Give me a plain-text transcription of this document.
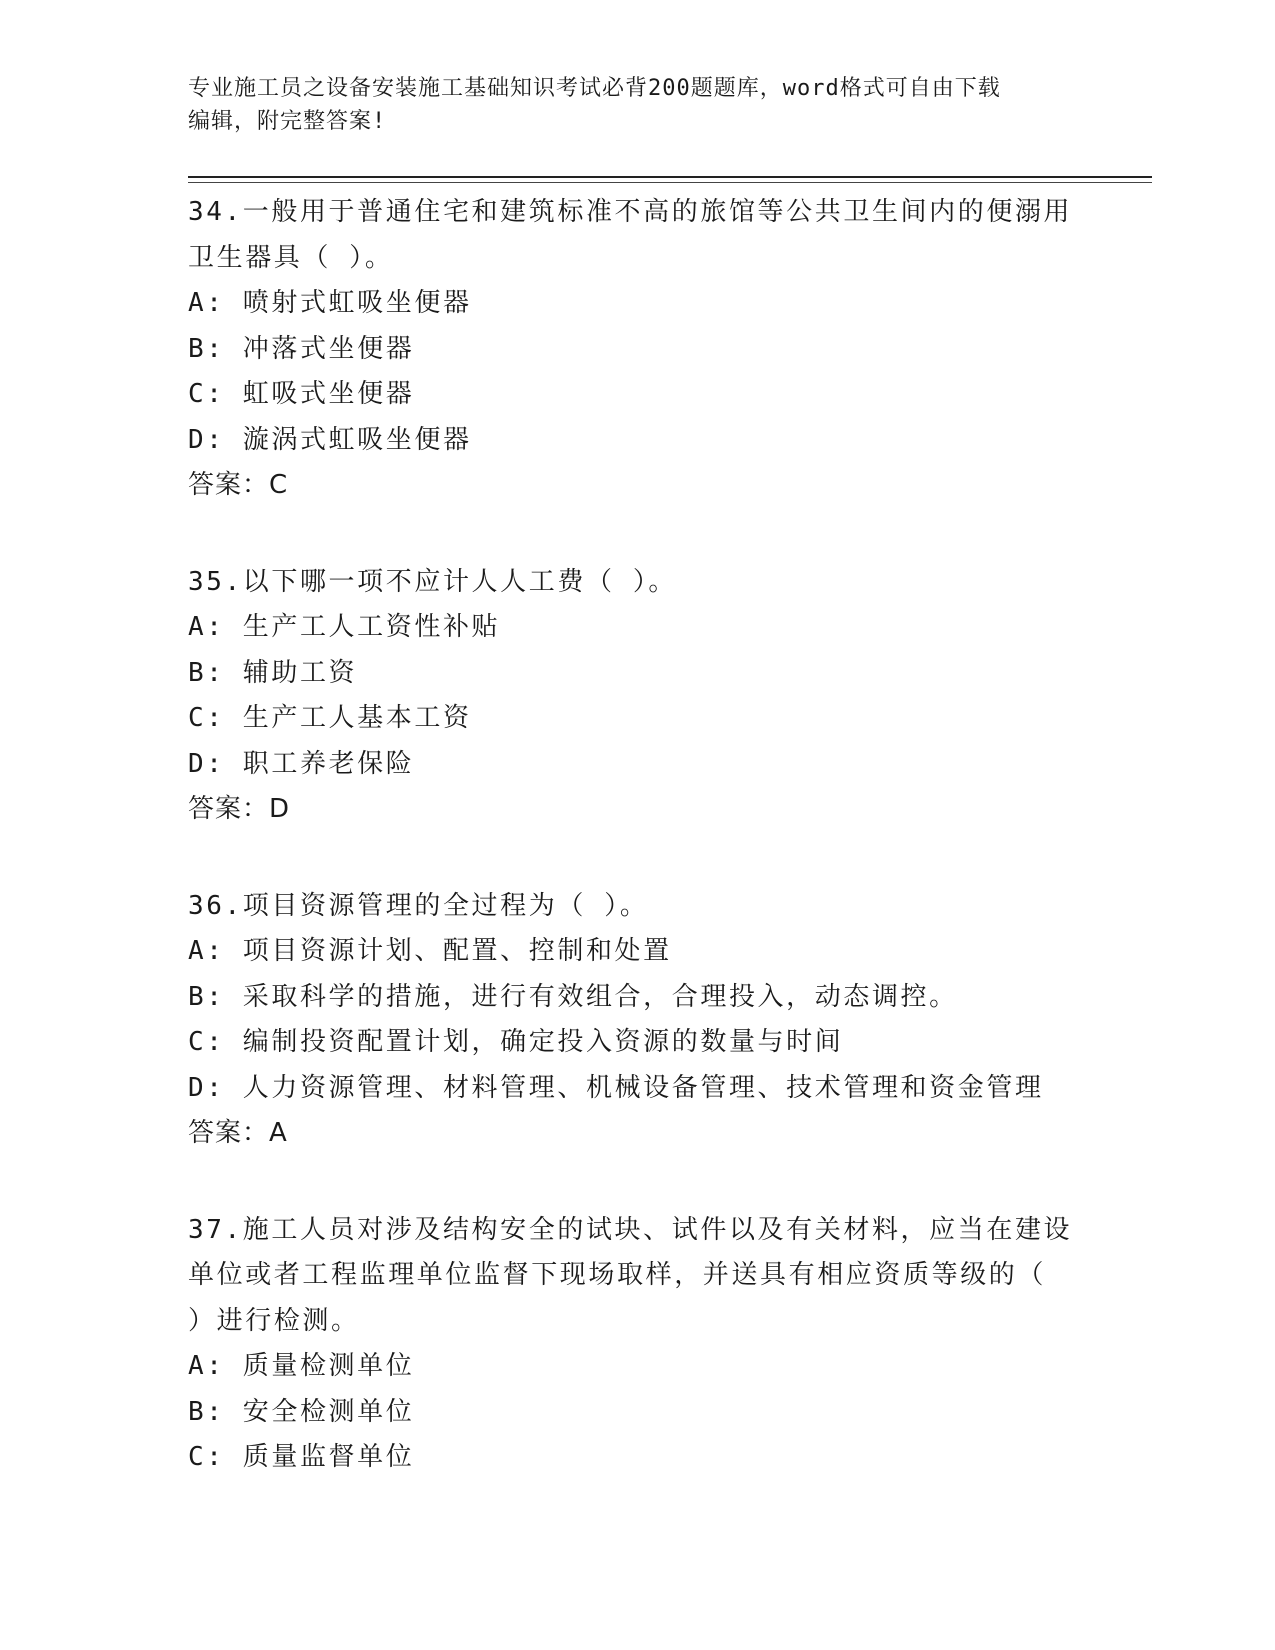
专业施工员之设备安装施工基础知识考试必背200题题库，word格式可自由下载
编辑，附完整答案!

34.一般用于普通住宅和建筑标准不高的旅馆等公共卫生间内的便溺用

卫生器具（ ）。

A: 喷射式虹吸坐便器

B: 冲落式坐便器

C: 虹吸式坐便器

D: 漩涡式虹吸坐便器

答案：C

35.以下哪一项不应计人人工费（ ）。

A: 生产工人工资性补贴

B: 辅助工资

C: 生产工人基本工资

D: 职工养老保险

答案：D

36.项目资源管理的全过程为（ ）。

A: 项目资源计划、配置、控制和处置

B: 采取科学的措施，进行有效组合，合理投入，动态调控。

C: 编制投资配置计划，确定投入资源的数量与时间

D: 人力资源管理、材料管理、机械设备管理、技术管理和资金管理

答案：A

37.施工人员对涉及结构安全的试块、试件以及有关材料，应当在建设

单位或者工程监理单位监督下现场取样，并送具有相应资质等级的（

）进行检测。

A: 质量检测单位

B: 安全检测单位

C: 质量监督单位
